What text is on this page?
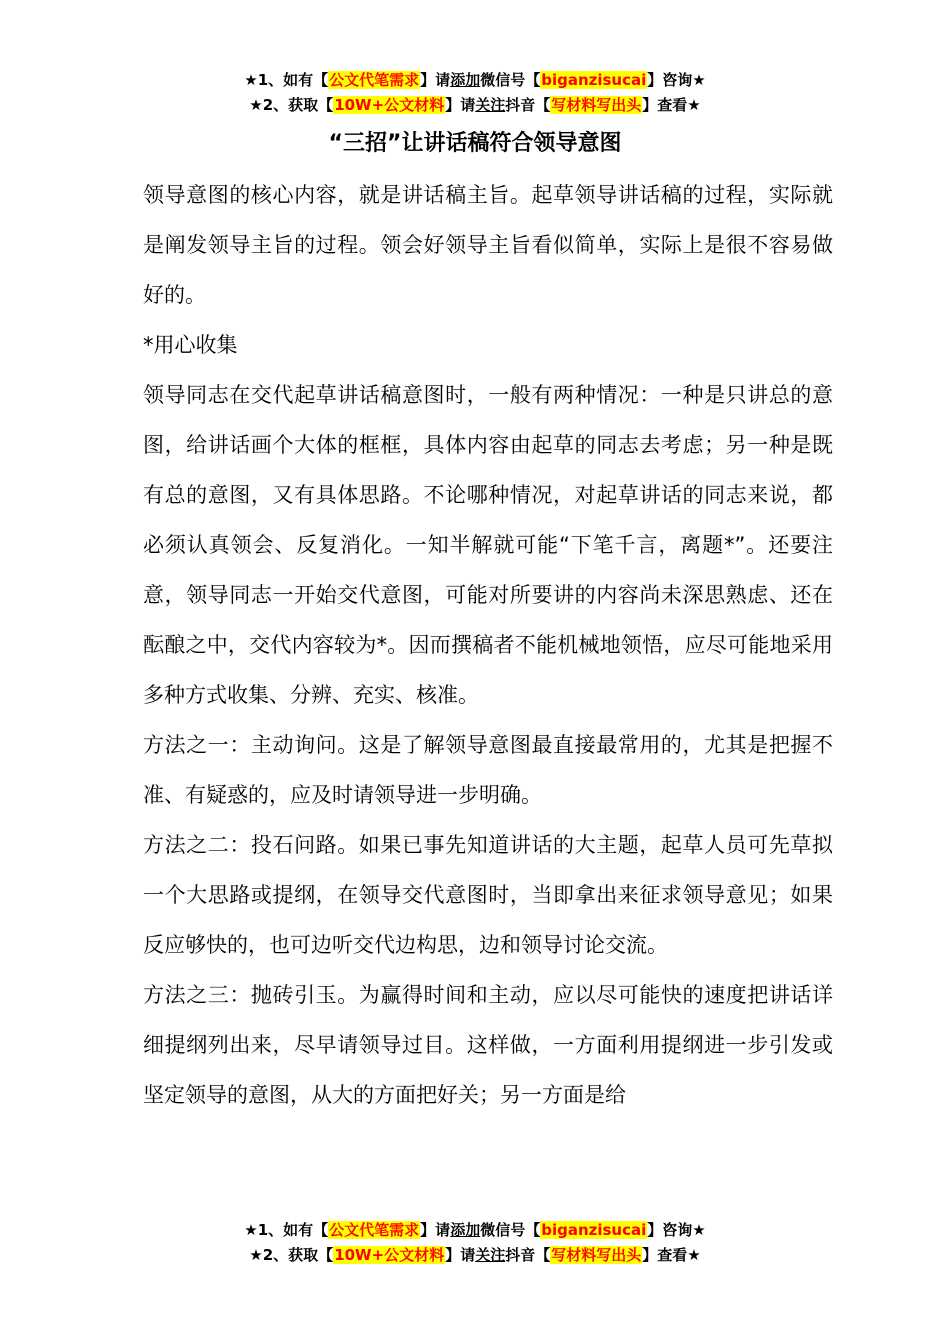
★1、如有【公文代笔需求】请添加微信号【biganzisucai】咨询★
★2、获取【10W+公文材料】请关注抖音【写材料写出头】查看★
“三招”让讲话稿符合领导意图

领导意图的核心内容，就是讲话稿主旨。起草领导讲话稿的过程，实际就是阐发领导主旨的过程。领会好领导主旨看似简单，实际上是很不容易做好的。

*用心收集

领导同志在交代起草讲话稿意图时，一般有两种情况：一种是只讲总的意图，给讲话画个大体的框框，具体内容由起草的同志去考虑；另一种是既有总的意图，又有具体思路。不论哪种情况，对起草讲话的同志来说，都必须认真领会、反复消化。一知半解就可能“下笔千言，离题*”。还要注意，领导同志一开始交代意图，可能对所要讲的内容尚未深思熟虑、还在酝酿之中，交代内容较为*。因而撰稿者不能机械地领悟，应尽可能地采用多种方式收集、分辨、充实、核准。

方法之一：主动询问。这是了解领导意图最直接最常用的，尤其是把握不准、有疑惑的，应及时请领导进一步明确。

方法之二：投石问路。如果已事先知道讲话的大主题，起草人员可先草拟一个大思路或提纲，在领导交代意图时，当即拿出来征求领导意见；如果反应够快的，也可边听交代边构思，边和领导讨论交流。

方法之三：抛砖引玉。为赢得时间和主动，应以尽可能快的速度把讲话详细提纲列出来，尽早请领导过目。这样做，一方面利用提纲进一步引发或坚定领导的意图，从大的方面把好关；另一方面是给

★1、如有【公文代笔需求】请添加微信号【biganzisucai】咨询★
★2、获取【10W+公文材料】请关注抖音【写材料写出头】查看★
